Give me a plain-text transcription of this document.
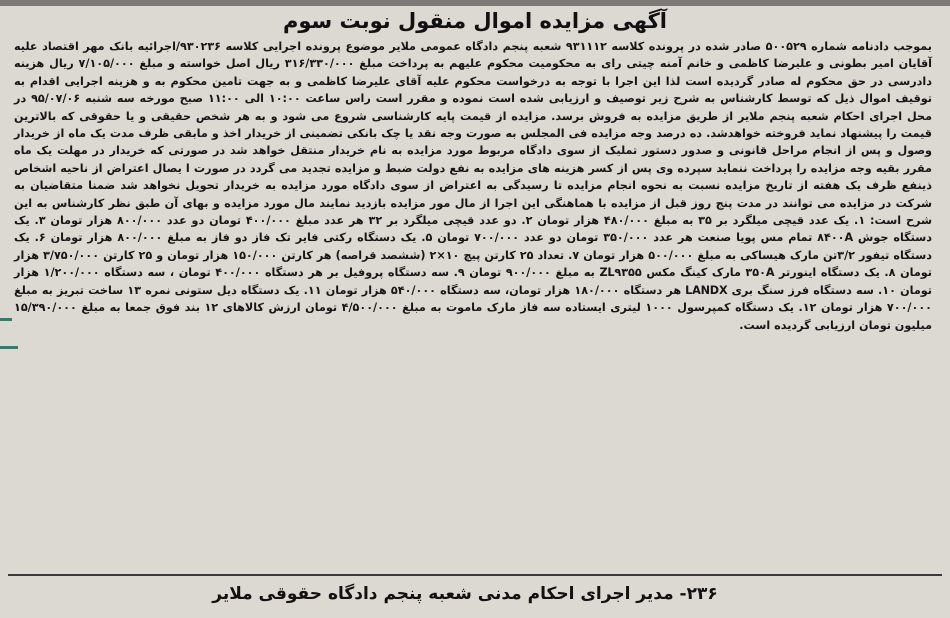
آگهی مزایده اموال منقول نوبت سوم
بموجب دادنامه شماره ۵۰۰۵۲۹ صادر شده در پرونده کلاسه ۹۳۱۱۱۲ شعبه پنجم دادگاه عمومی ملایر موضوع پرونده اجرایی کلاسه ۹۳۰۲۳۶/اجرائیه بانک مهر اقتصاد علیه آقایان امیر بطونی و علیرضا کاظمی و خانم آمنه چیتی رای به محکومیت محکوم علیهم به پرداخت مبلغ ۳۱۶/۳۳۰/۰۰۰ ریال اصل خواسته و مبلغ ۷/۱۰۵/۰۰۰ ریال هزینه دادرسی در حق محکوم له صادر گردیده است لذا این اجرا با توجه به درخواست محکوم علیه آقای علیرضا کاظمی و به جهت تامین محکوم به و هزینه اجرایی اقدام به توقیف اموال ذیل که توسط کارشناس به شرح زیر توصیف و ارزیابی شده است نموده و مقرر است راس ساعت ۱۰:۰۰ الی ۱۱:۰۰ صبح مورخه سه شنبه ۹۵/۰۷/۰۶ در محل اجرای احکام شعبه پنجم ملایر از طریق مزایده به فروش برسد. مزایده از قیمت پایه کارشناسی شروع می شود و به هر شخص حقیقی و یا حقوقی که بالاترین قیمت را پیشنهاد نماید فروخته خواهدشد. ده درصد وجه مزایده فی المجلس به صورت وجه نقد یا چک بانکی تضمینی از خریدار اخذ و مابقی ظرف مدت یک ماه از خریدار وصول و پس از انجام مراحل قانونی و صدور دستور تملیک از سوی دادگاه مربوط مورد مزایده به نام خریدار منتقل خواهد شد در صورتی که خریدار در مهلت یک ماه مقرر بقیه وجه مزایده را پرداخت ننماید سپرده وی پس از کسر هزینه های مزایده به نفع دولت ضبط و مزایده تجدید می گردد در صورت ا یصال اعتراض از ناحیه اشخاص ذینفع ظرف یک هفته از تاریخ مزایده نسبت به نحوه انجام مزایده تا رسیدگی به اعتراض از سوی دادگاه مورد مزایده به خریدار تحویل نخواهد شد ضمنا متقاضیان به شرکت در مزایده می توانند در مدت پنج روز قبل از مزایده با هماهنگی این اجرا از مال مور مزایده بازدید نمایند مال مورد مزایده و بهای آن طبق نظر کارشناس به این شرح است: ۱. یک عدد قیچی میلگرد بر ۳۵ به مبلغ ۴۸۰/۰۰۰ هزار تومان ۲. دو عدد قیچی میلگرد بر ۳۲ هر عدد مبلغ ۴۰۰/۰۰۰ تومان دو عدد ۸۰۰/۰۰۰ هزار تومان ۳. یک دستگاه جوش ۸۴۰۰A تمام مس پویا صنعت هر عدد ۳۵۰/۰۰۰ تومان دو عدد ۷۰۰/۰۰۰ تومان ۵. یک دستگاه رکتی فایر تک فاز دو فاز به مبلغ ۸۰۰/۰۰۰ هزار تومان ۶. یک دستگاه تیفور ۳/۲تن مارک هیساکی به مبلغ ۵۰۰/۰۰۰ هزار تومان ۷. تعداد ۲۵ کارتن پیچ ۱۰×۲ (ششصد قراصه) هر کارتن ۱۵۰/۰۰۰ هزار تومان و ۲۵ کارتن ۳/۷۵۰/۰۰۰ هزار تومان ۸. یک دستگاه اینورتر ۳۵۰A مارک کینگ مکس ZL۹۳۵۵ به مبلغ ۹۰۰/۰۰۰ تومان ۹. سه دستگاه پروفیل بر هر دستگاه ۴۰۰/۰۰۰ تومان ، سه دستگاه ۱/۲۰۰/۰۰۰ هزار تومان ۱۰. سه دستگاه فرز سنگ بری LANDX هر دستگاه ۱۸۰/۰۰۰ هزار تومان، سه دستگاه ۵۴۰/۰۰۰ هزار تومان ۱۱. یک دستگاه دیل ستونی نمره ۱۳ ساخت تبریز به مبلغ ۷۰۰/۰۰۰ هزار تومان ۱۲. یک دستگاه کمپرسول ۱۰۰۰ لیتری ایستاده سه فاز مارک ماموت به مبلغ ۴/۵۰۰/۰۰۰ تومان ارزش کالاهای ۱۲ بند فوق جمعا به مبلغ ۱۵/۳۹۰/۰۰۰ میلیون تومان ارزیابی گردیده است.
۲۳۶- مدیر اجرای احکام مدنی شعبه پنجم دادگاه حقوقی ملایر
